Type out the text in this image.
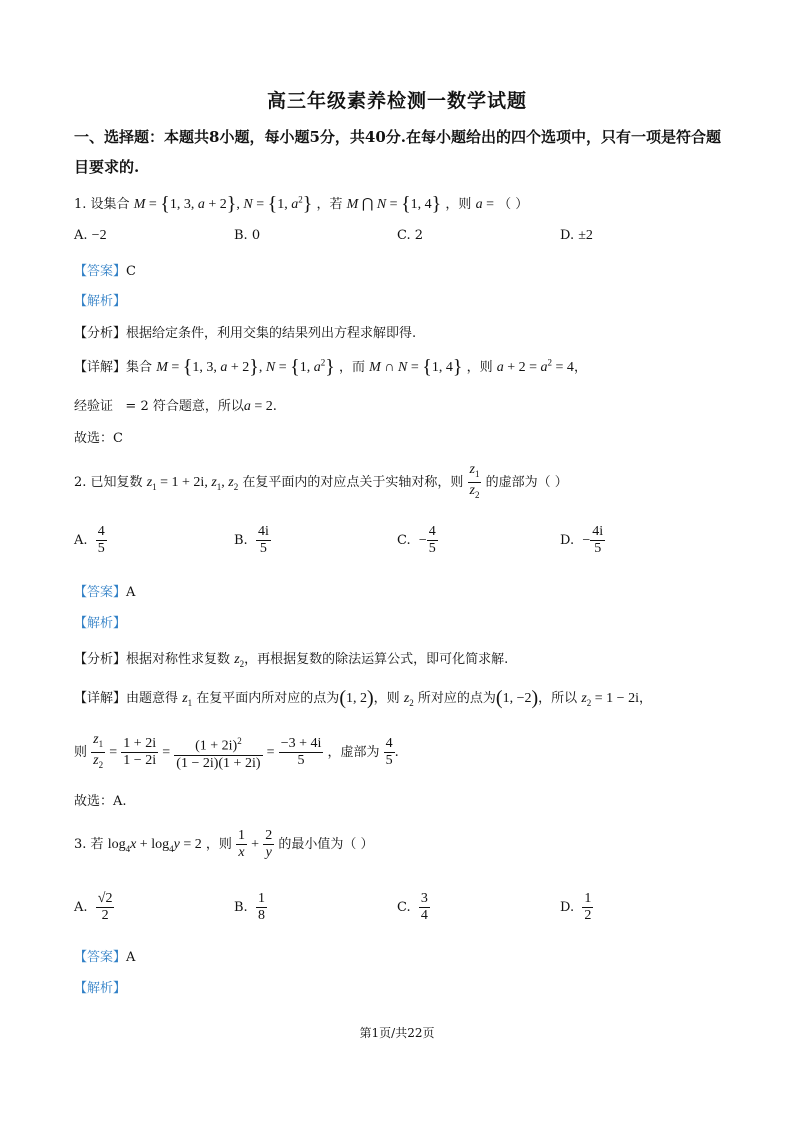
高三年级素养检测一数学试题
一、选择题：本题共8小题，每小题5分，共40分.在每小题给出的四个选项中，只有一项是符合题目要求的.
1. 设集合 M = {1, 3, a + 2}, N = {1, $a^2$} ，若 M ⋂ N = {1, 4} ，则 a = （ ）
A. −2	B. 0	C. 2	D. ±2
【答案】C
【解析】
【分析】根据给定条件，利用交集的结果列出方程求解即得.
【详解】集合 M = {1, 3, a + 2}, N = {1, $a^2$} ，而 M ∩ N = {1, 4} ，则 $a + 2 = a^2 = 4$，
经验证 = 2 符合题意，所以a = 2.
故选：C
2. 已知复数 $z_1 = 1 + 2i$, $z_1$, $z_2$ 在复平面内的对应点关于实轴对称，则 $\frac{z_1}{z_2}$ 的虚部为（ ）
A. $\frac{4}{5}$	B. $\frac{4i}{5}$	C. − $\frac{4}{5}$	D. − $\frac{4i}{5}$
【答案】A
【解析】
【分析】根据对称性求复数 $z_2$，再根据复数的除法运算公式，即可化简求解.
【详解】由题意得 $z_1$ 在复平面内所对应的点为(1, 2)，则 $z_2$ 所对应的点为(1, −2)，所以 $z_2 = 1 - 2i$，
则 $\frac{z_1}{z_2} = \frac{1 + 2i}{1 - 2i} = \frac{(1 + 2i)^2}{(1 - 2i)(1 + 2i)} = \frac{-3 + 4i}{5}$ ，虚部为 $\frac{4}{5}$ .
故选：A.
3. 若 $\log_4x + \log_4y = 2$ ，则 $\frac{1}{x} + \frac{2}{y}$ 的最小值为（ ）
A. $\frac{√2}{2}$	B. $\frac{1}{8}$	C. $\frac{3}{4}$	D. $\frac{1}{2}$
【答案】A
【解析】
第1页/共22页
